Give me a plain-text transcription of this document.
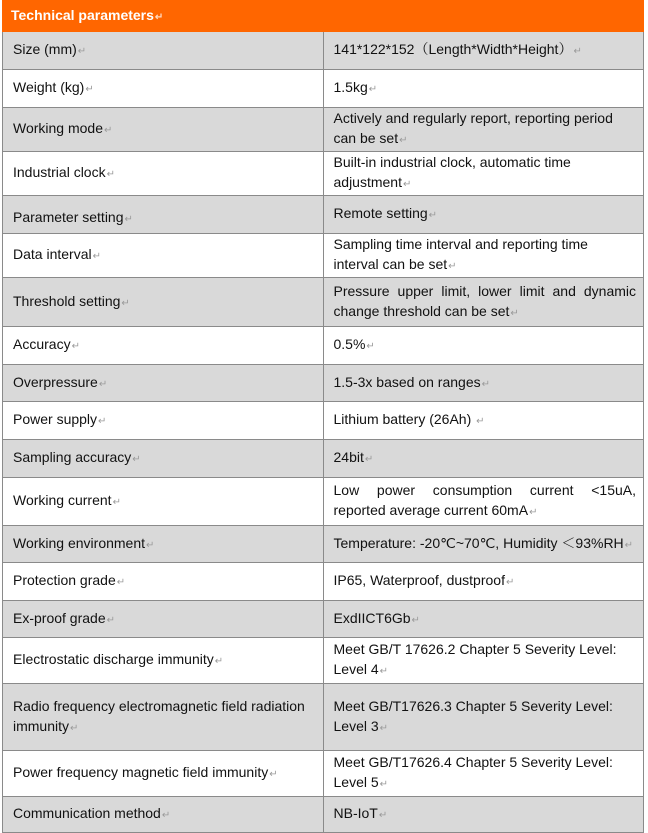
Technical parameters↵	
Size (mm)↵	141*122*152（Length*Width*Height）↵
Weight (kg)↵	1.5kg↵
Working mode↵	Actively and regularly report, reporting period can be set↵
Industrial clock↵	Built-in industrial clock, automatic time adjustment↵
Parameter setting↵	Remote setting↵
Data interval↵	Sampling time interval and reporting time interval can be set↵
Threshold setting↵	Pressure upper limit, lower limit and dynamic change threshold can be set↵
Accuracy↵	0.5%↵
Overpressure↵	1.5-3x based on ranges↵
Power supply↵	Lithium battery (26Ah) ↵
Sampling accuracy↵	24bit↵
Working current↵	Low power consumption current <15uA, reported average current 60mA↵
Working environment↵	Temperature: -20℃~70℃, Humidity ＜93%RH↵
Protection grade↵	IP65, Waterproof, dustproof↵
Ex-proof grade↵	ExdIICT6Gb↵
Electrostatic discharge immunity↵	Meet GB/T 17626.2 Chapter 5 Severity Level: Level 4↵
Radio frequency electromagnetic field radiation immunity↵	Meet GB/T17626.3 Chapter 5 Severity Level: Level 3↵
Power frequency magnetic field immunity↵	Meet GB/T17626.4 Chapter 5 Severity Level: Level 5↵
Communication method↵	NB-IoT↵
